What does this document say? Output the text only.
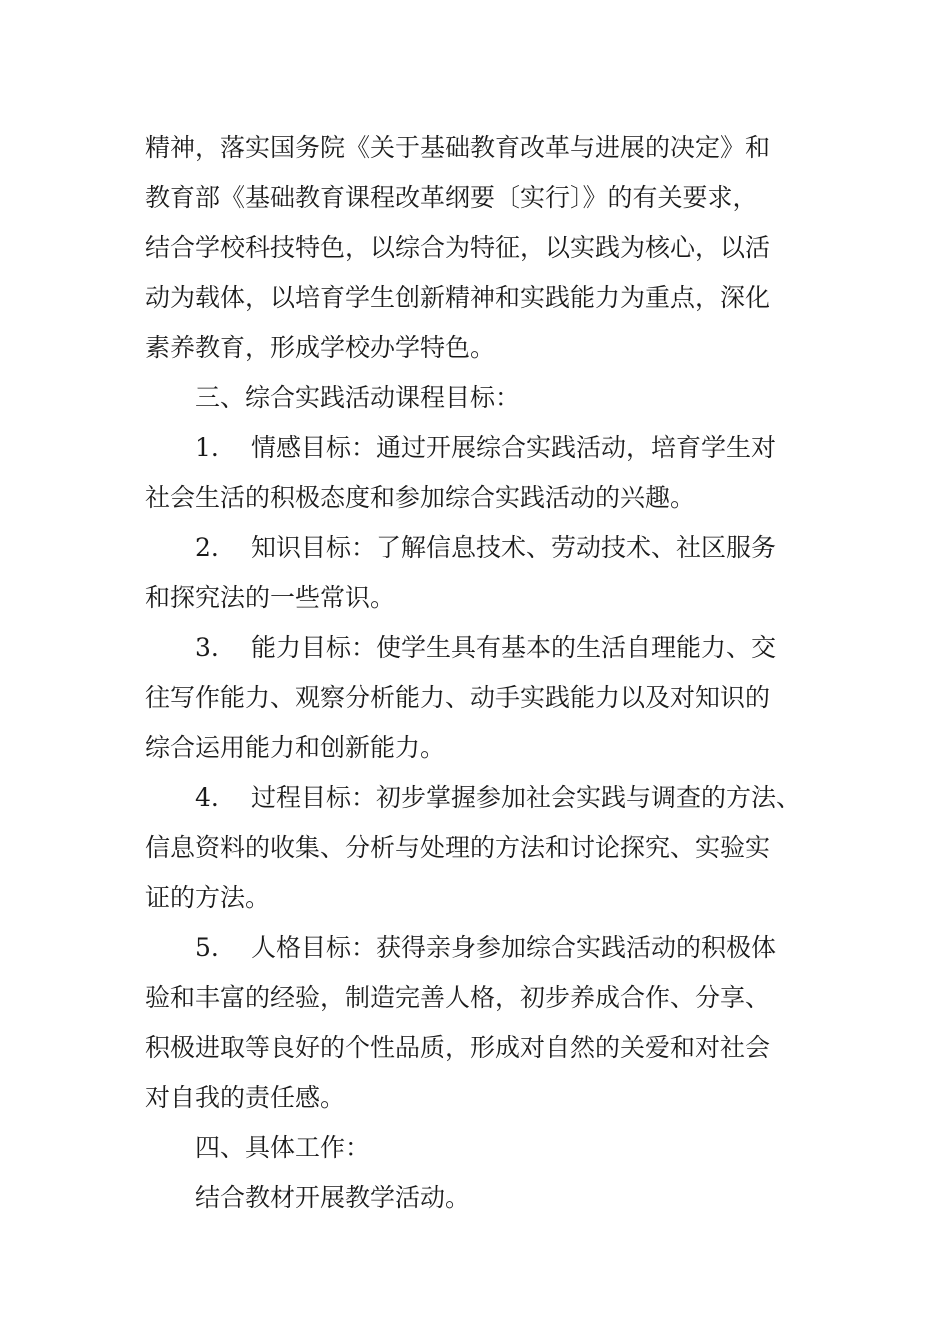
精神，落实国务院《关于基础教育改革与进展的决定》和
教育部《基础教育课程改革纲要〔实行〕》的有关要求，
结合学校科技特色，以综合为特征，以实践为核心，以活
动为载体，以培育学生创新精神和实践能力为重点，深化
素养教育，形成学校办学特色。
三、综合实践活动课程目标：
1. 情感目标：通过开展综合实践活动，培育学生对
社会生活的积极态度和参加综合实践活动的兴趣。
2. 知识目标：了解信息技术、劳动技术、社区服务
和探究法的一些常识。
3. 能力目标：使学生具有基本的生活自理能力、交
往写作能力、观察分析能力、动手实践能力以及对知识的
综合运用能力和创新能力。
4. 过程目标：初步掌握参加社会实践与调查的方法、
信息资料的收集、分析与处理的方法和讨论探究、实验实
证的方法。
5. 人格目标：获得亲身参加综合实践活动的积极体
验和丰富的经验，制造完善人格，初步养成合作、分享、
积极进取等良好的个性品质，形成对自然的关爱和对社会
对自我的责任感。
四、具体工作：
结合教材开展教学活动。
